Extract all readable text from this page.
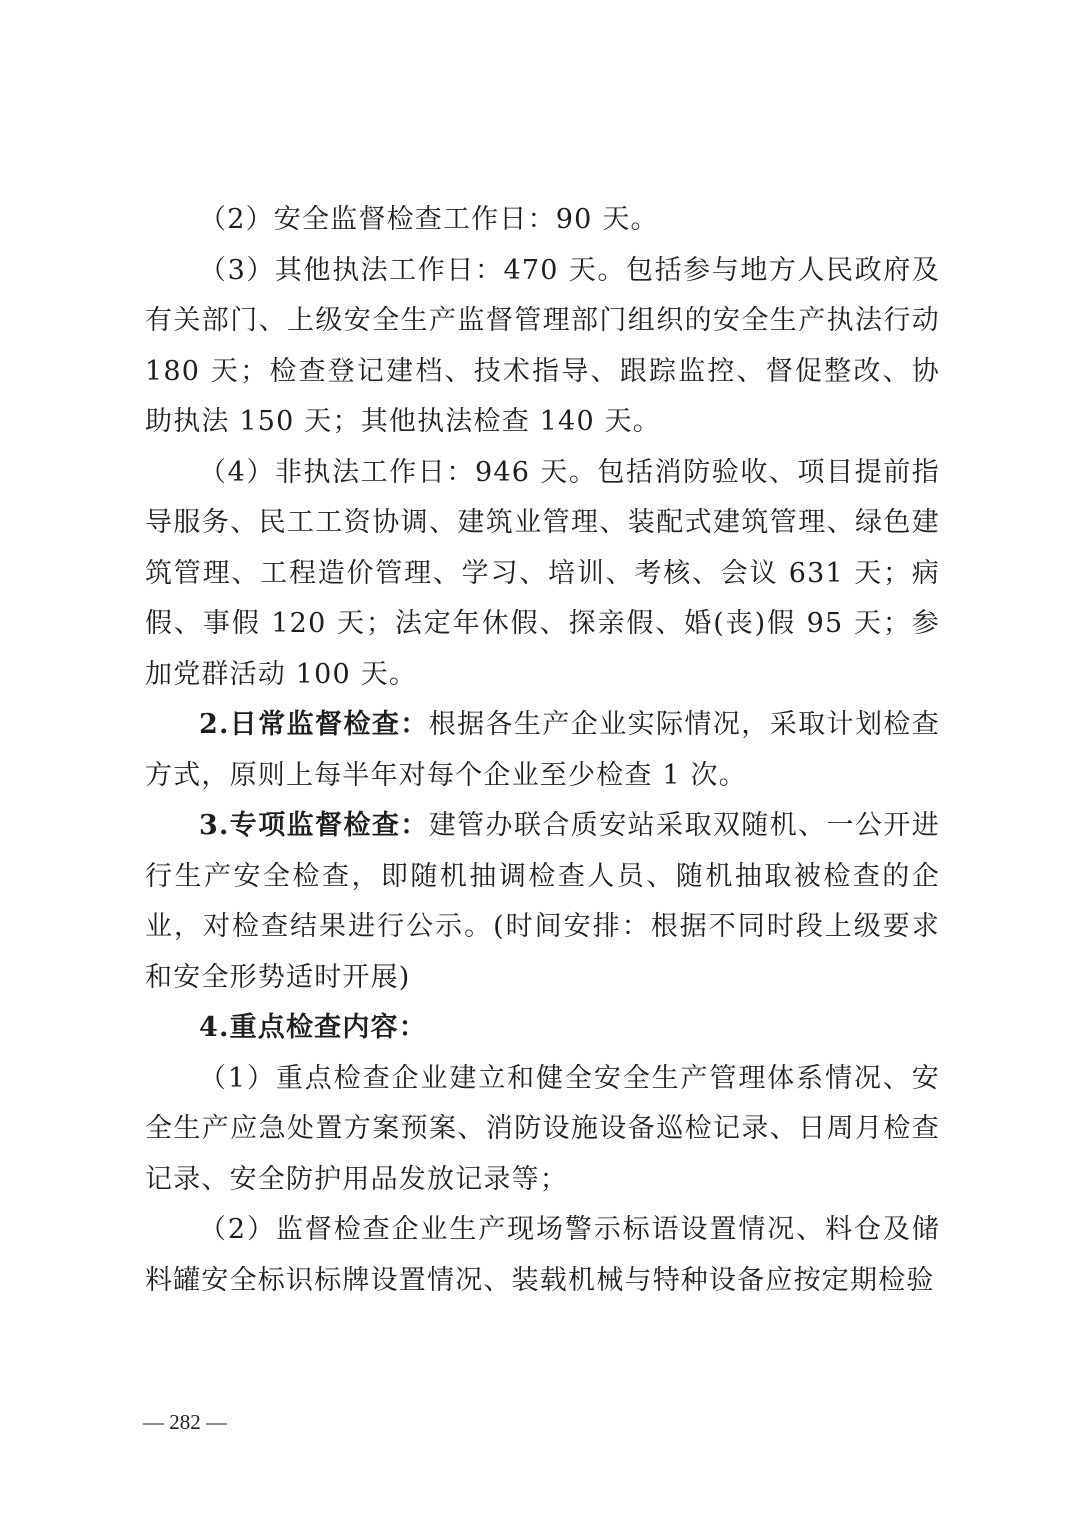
（2）安全监督检查工作日：90 天。

（3）其他执法工作日：470 天。包括参与地方人民政府及有关部门、上级安全生产监督管理部门组织的安全生产执法行动 180 天；检查登记建档、技术指导、跟踪监控、督促整改、协助执法 150 天；其他执法检查 140 天。

（4）非执法工作日：946 天。包括消防验收、项目提前指导服务、民工工资协调、建筑业管理、装配式建筑管理、绿色建筑管理、工程造价管理、学习、培训、考核、会议 631 天；病假、事假 120 天；法定年休假、探亲假、婚(丧)假 95 天；参加党群活动 100 天。

2.日常监督检查：根据各生产企业实际情况，采取计划检查方式，原则上每半年对每个企业至少检查 1 次。

3.专项监督检查：建管办联合质安站采取双随机、一公开进行生产安全检查，即随机抽调检查人员、随机抽取被检查的企业，对检查结果进行公示。(时间安排：根据不同时段上级要求和安全形势适时开展)

4.重点检查内容：

（1）重点检查企业建立和健全安全生产管理体系情况、安全生产应急处置方案预案、消防设施设备巡检记录、日周月检查记录、安全防护用品发放记录等；

（2）监督检查企业生产现场警示标语设置情况、料仓及储料罐安全标识标牌设置情况、装载机械与特种设备应按定期检验

— 282 —
